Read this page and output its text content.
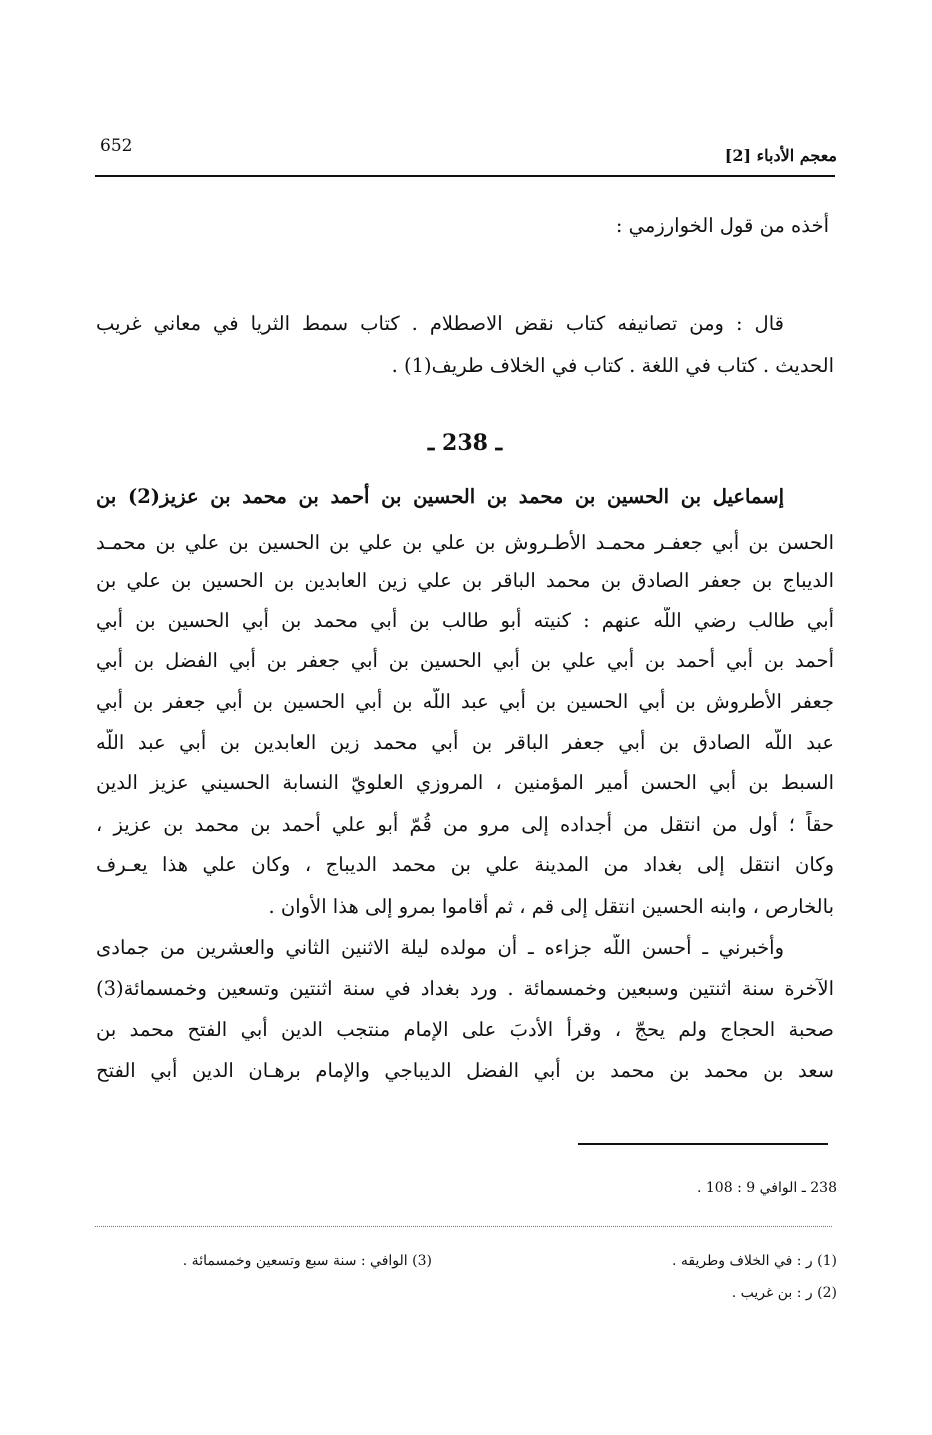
معجم الأدباء [2]
652
أخذه من قول الخوارزمي :
قال : ومن تصانيفه كتاب نقض الاصطلام . كتاب سمط الثريا في معاني غريب
الحديث . كتاب في اللغة . كتاب في الخلاف طريف(1) .
ـ 238 ـ
إسماعيل بن الحسين بن محمد بن الحسين بن أحمد بن محمد بن عزيز(2) بن
الحسن بن أبي جعفـر محمـد الأطـروش بن علي بن علي بن الحسين بن علي بن محمـد
الديباج بن جعفر الصادق بن محمد الباقر بن علي زين العابدين بن الحسين بن علي بن
أبي طالب رضي اللّه عنهم : كنيته أبو طالب بن أبي محمد بن أبي الحسين بن أبي
أحمد بن أبي أحمد بن أبي علي بن أبي الحسين بن أبي جعفر بن أبي الفضل بن أبي
جعفر الأطروش بن أبي الحسين بن أبي عبد اللّه بن أبي الحسين بن أبي جعفر بن أبي
عبد اللّه الصادق بن أبي جعفر الباقر بن أبي محمد زين العابدين بن أبي عبد اللّه
السبط بن أبي الحسن أمير المؤمنين ، المروزي العلويّ النسابة الحسيني عزيز الدين
حقاً ؛ أول من انتقل من أجداده إلى مرو من قُمّ أبو علي أحمد بن محمد بن عزيز ،
وكان انتقل إلى بغداد من المدينة علي بن محمد الديباج ، وكان علي هذا يعـرف
بالخارص ، وابنه الحسين انتقل إلى قم ، ثم أقاموا بمرو إلى هذا الأوان .
وأخبرني ـ أحسن اللّه جزاءه ـ أن مولده ليلة الاثنين الثاني والعشرين من جمادى
الآخرة سنة اثنتين وسبعين وخمسمائة . ورد بغداد في سنة اثنتين وتسعين وخمسمائة(3)
صحبة الحجاج ولم يحجّ ، وقرأ الأدبَ على الإمام منتجب الدين أبي الفتح محمد بن
سعد بن محمد بن محمد بن أبي الفضل الديباجي والإمام برهـان الدين أبي الفتح
238 ـ الوافي 9 : 108 .
(1) ر : في الخلاف وطريقه .
(2) ر : بن غريب .
(3) الوافي : سنة سبع وتسعين وخمسمائة .
